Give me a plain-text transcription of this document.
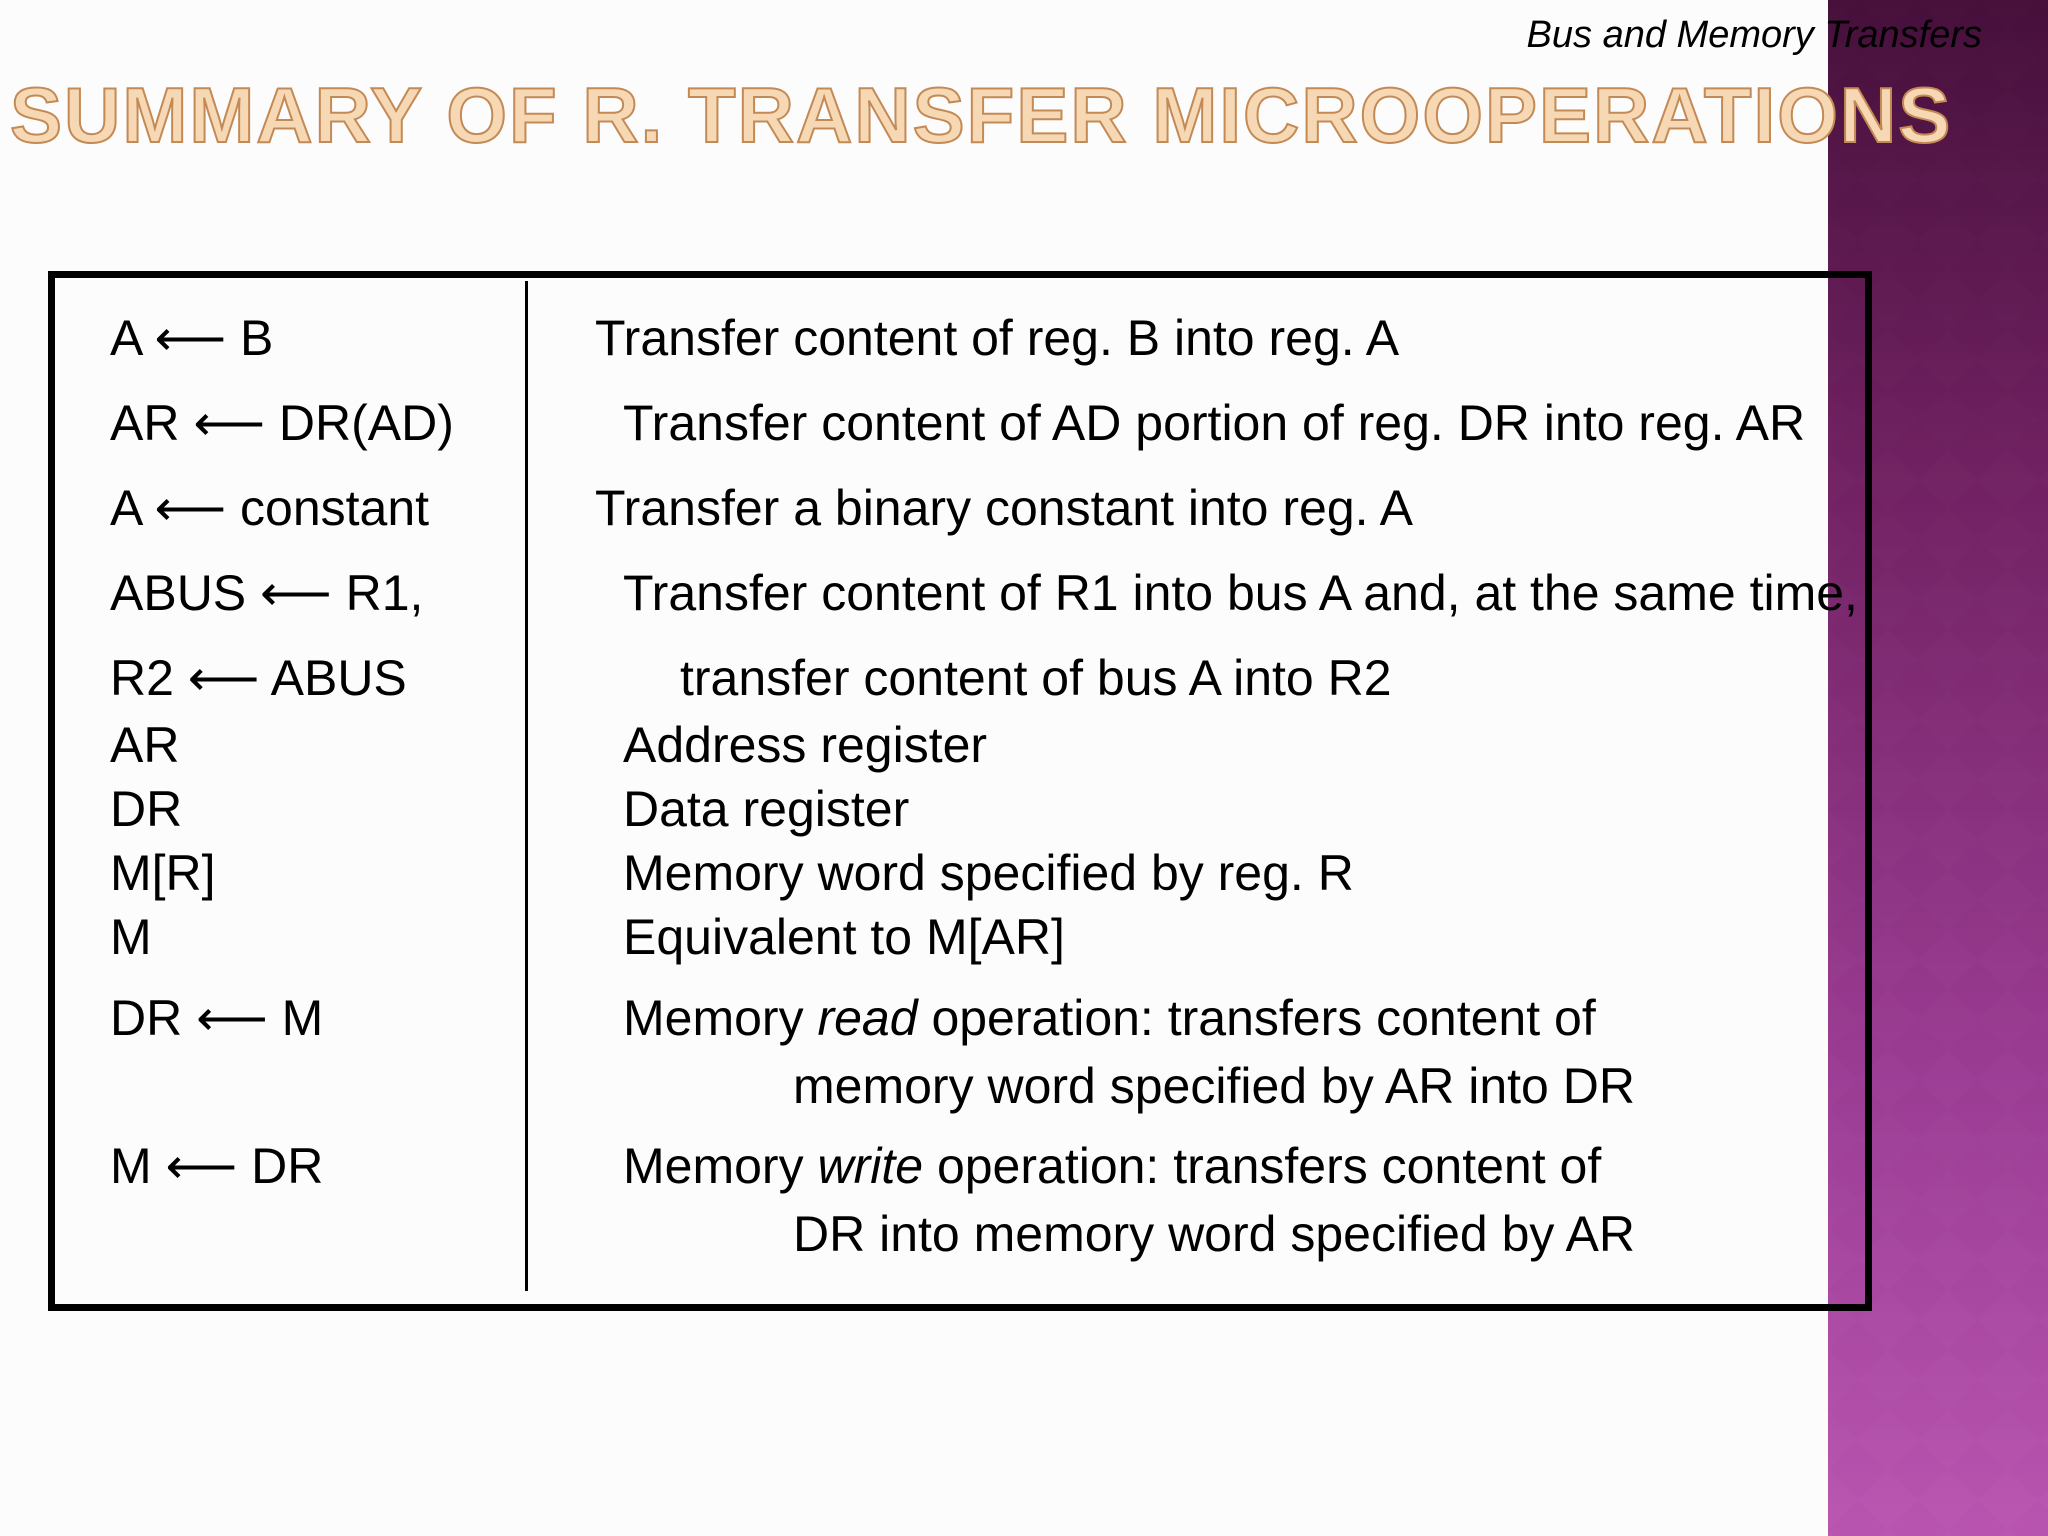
Bus and Memory Transfers
SUMMARY OF R. TRANSFER MICROOPERATIONS
A ⟵ B	Transfer content of reg. B into reg. A
AR ⟵ DR(AD)	Transfer content of AD portion of reg. DR into reg. AR
A ⟵ constant	Transfer a binary constant into reg. A
ABUS ⟵ R1,	Transfer content of R1 into bus A and, at the same time,
R2 ⟵ ABUS	transfer content of bus A into R2
AR	Address register
DR	Data register
M[R]	Memory word specified by reg. R
M	Equivalent to M[AR]
DR ⟵ M	Memory read operation: transfers content of
memory word specified by AR into DR
M ⟵ DR	Memory write operation: transfers content of
DR into memory word specified by AR
